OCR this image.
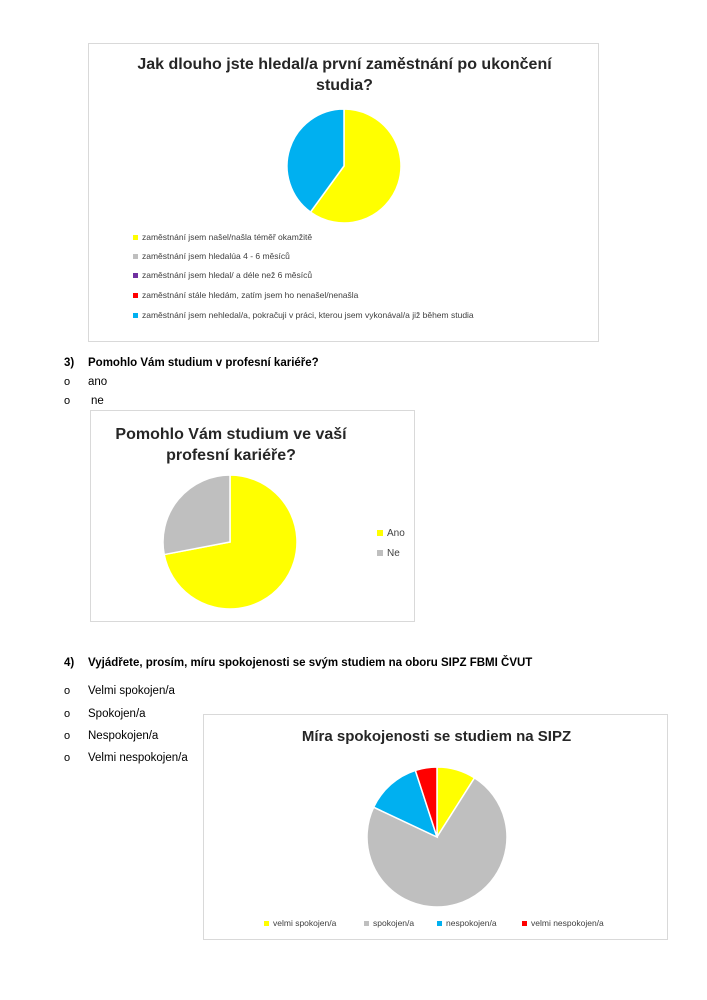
Jak dlouho jste hledal/a první zaměstnání po ukončení
studia?
zaměstnání jsem našel/našla téměř okamžitě
zaměstnání jsem hledalúa 4 - 6 měsíců
zaměstnání jsem hledal/ a déle než 6 měsíců
zaměstnání stále hledám, zatím jsem ho nenašel/nenašla
zaměstnání jsem nehledal/a, pokračuji v práci, kterou jsem vykonával/a již během studia
3) Pomohlo Vám studium v profesní kariéře?
o ano
o ne
Pomohlo Vám studium ve vaší
profesní kariéře?
Ano
Ne
4) Vyjádřete, prosím, míru spokojenosti se svým studiem na oboru SIPZ FBMI ČVUT
o Velmi spokojen/a
o Spokojen/a
o Nespokojen/a
o Velmi nespokojen/a
Míra spokojenosti se studiem na SIPZ
velmi spokojen/a	spokojen/a	nespokojen/a	velmi nespokojen/a
